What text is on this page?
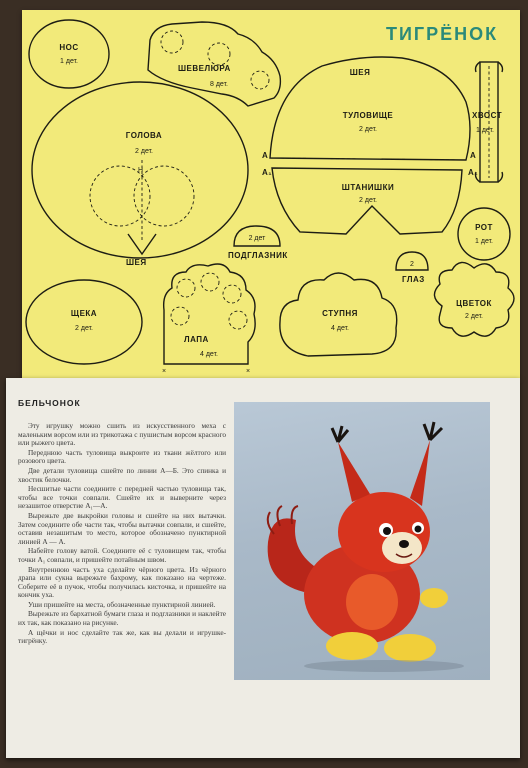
ТИГРЁНОК
НОС
1 дет.
ШЕВЕЛЮРА
8 дет.
ГОЛОВА
2 дет.
Н
ШЕЯ
ШЕЯ
ТУЛОВИЩЕ
2 дет.
А	А
А₁	А₁
ШТАНИШКИ
2 дет.
ХВОСТ
1 дет.
РОТ
1 дет.
2 дет
ПОДГЛАЗНИК
2
ГЛАЗ
ЩЕКА
2 дет.
×	×
ЛАПА
4 дет.
СТУПНЯ
4 дет.
ЦВЕТОК
2 дет.
БЕЛЬЧОНОК

Эту игрушку можно сшить из искусственного меха с маленьким ворсом или из трикотажа с пушистым ворсом красного или рыжего цвета.

Переднюю часть туловища выкроите из ткани жёлтого или розового цвета.

Две детали туловища сшейте по линии А—Б. Это спинка и хвостик белочки.

Несшитые части соедините с передней частью туловища так, чтобы все точки совпали. Сшейте их и выверните через незашитое отверстие А₁—А.

Вырежьте две выкройки головы и сшейте на них вытачки. Затем соедините обе части так, чтобы вытачки совпали, и сшейте, оставив незашитым то место, которое обозначено пунктирной линией А — А.

Набейте голову ватой. Соедините её с туловищем так, чтобы точки А₁ совпали, и пришейте потайным швом.

Внутреннюю часть уха сделайте чёрного цвета. Из чёрного драпа или сукна вырежьте бахрому, как показано на чертеже. Соберите её в пучок, чтобы получилась кисточка, и пришейте на кончик уха.

Уши пришейте на места, обозначенные пунктирной линией.

Вырежьте из бархатной бумаги глаза и подглазники и наклейте их так, как показано на рисунке.

А щёчки и нос сделайте так же, как вы делали и игрушке-тигрёнку.
